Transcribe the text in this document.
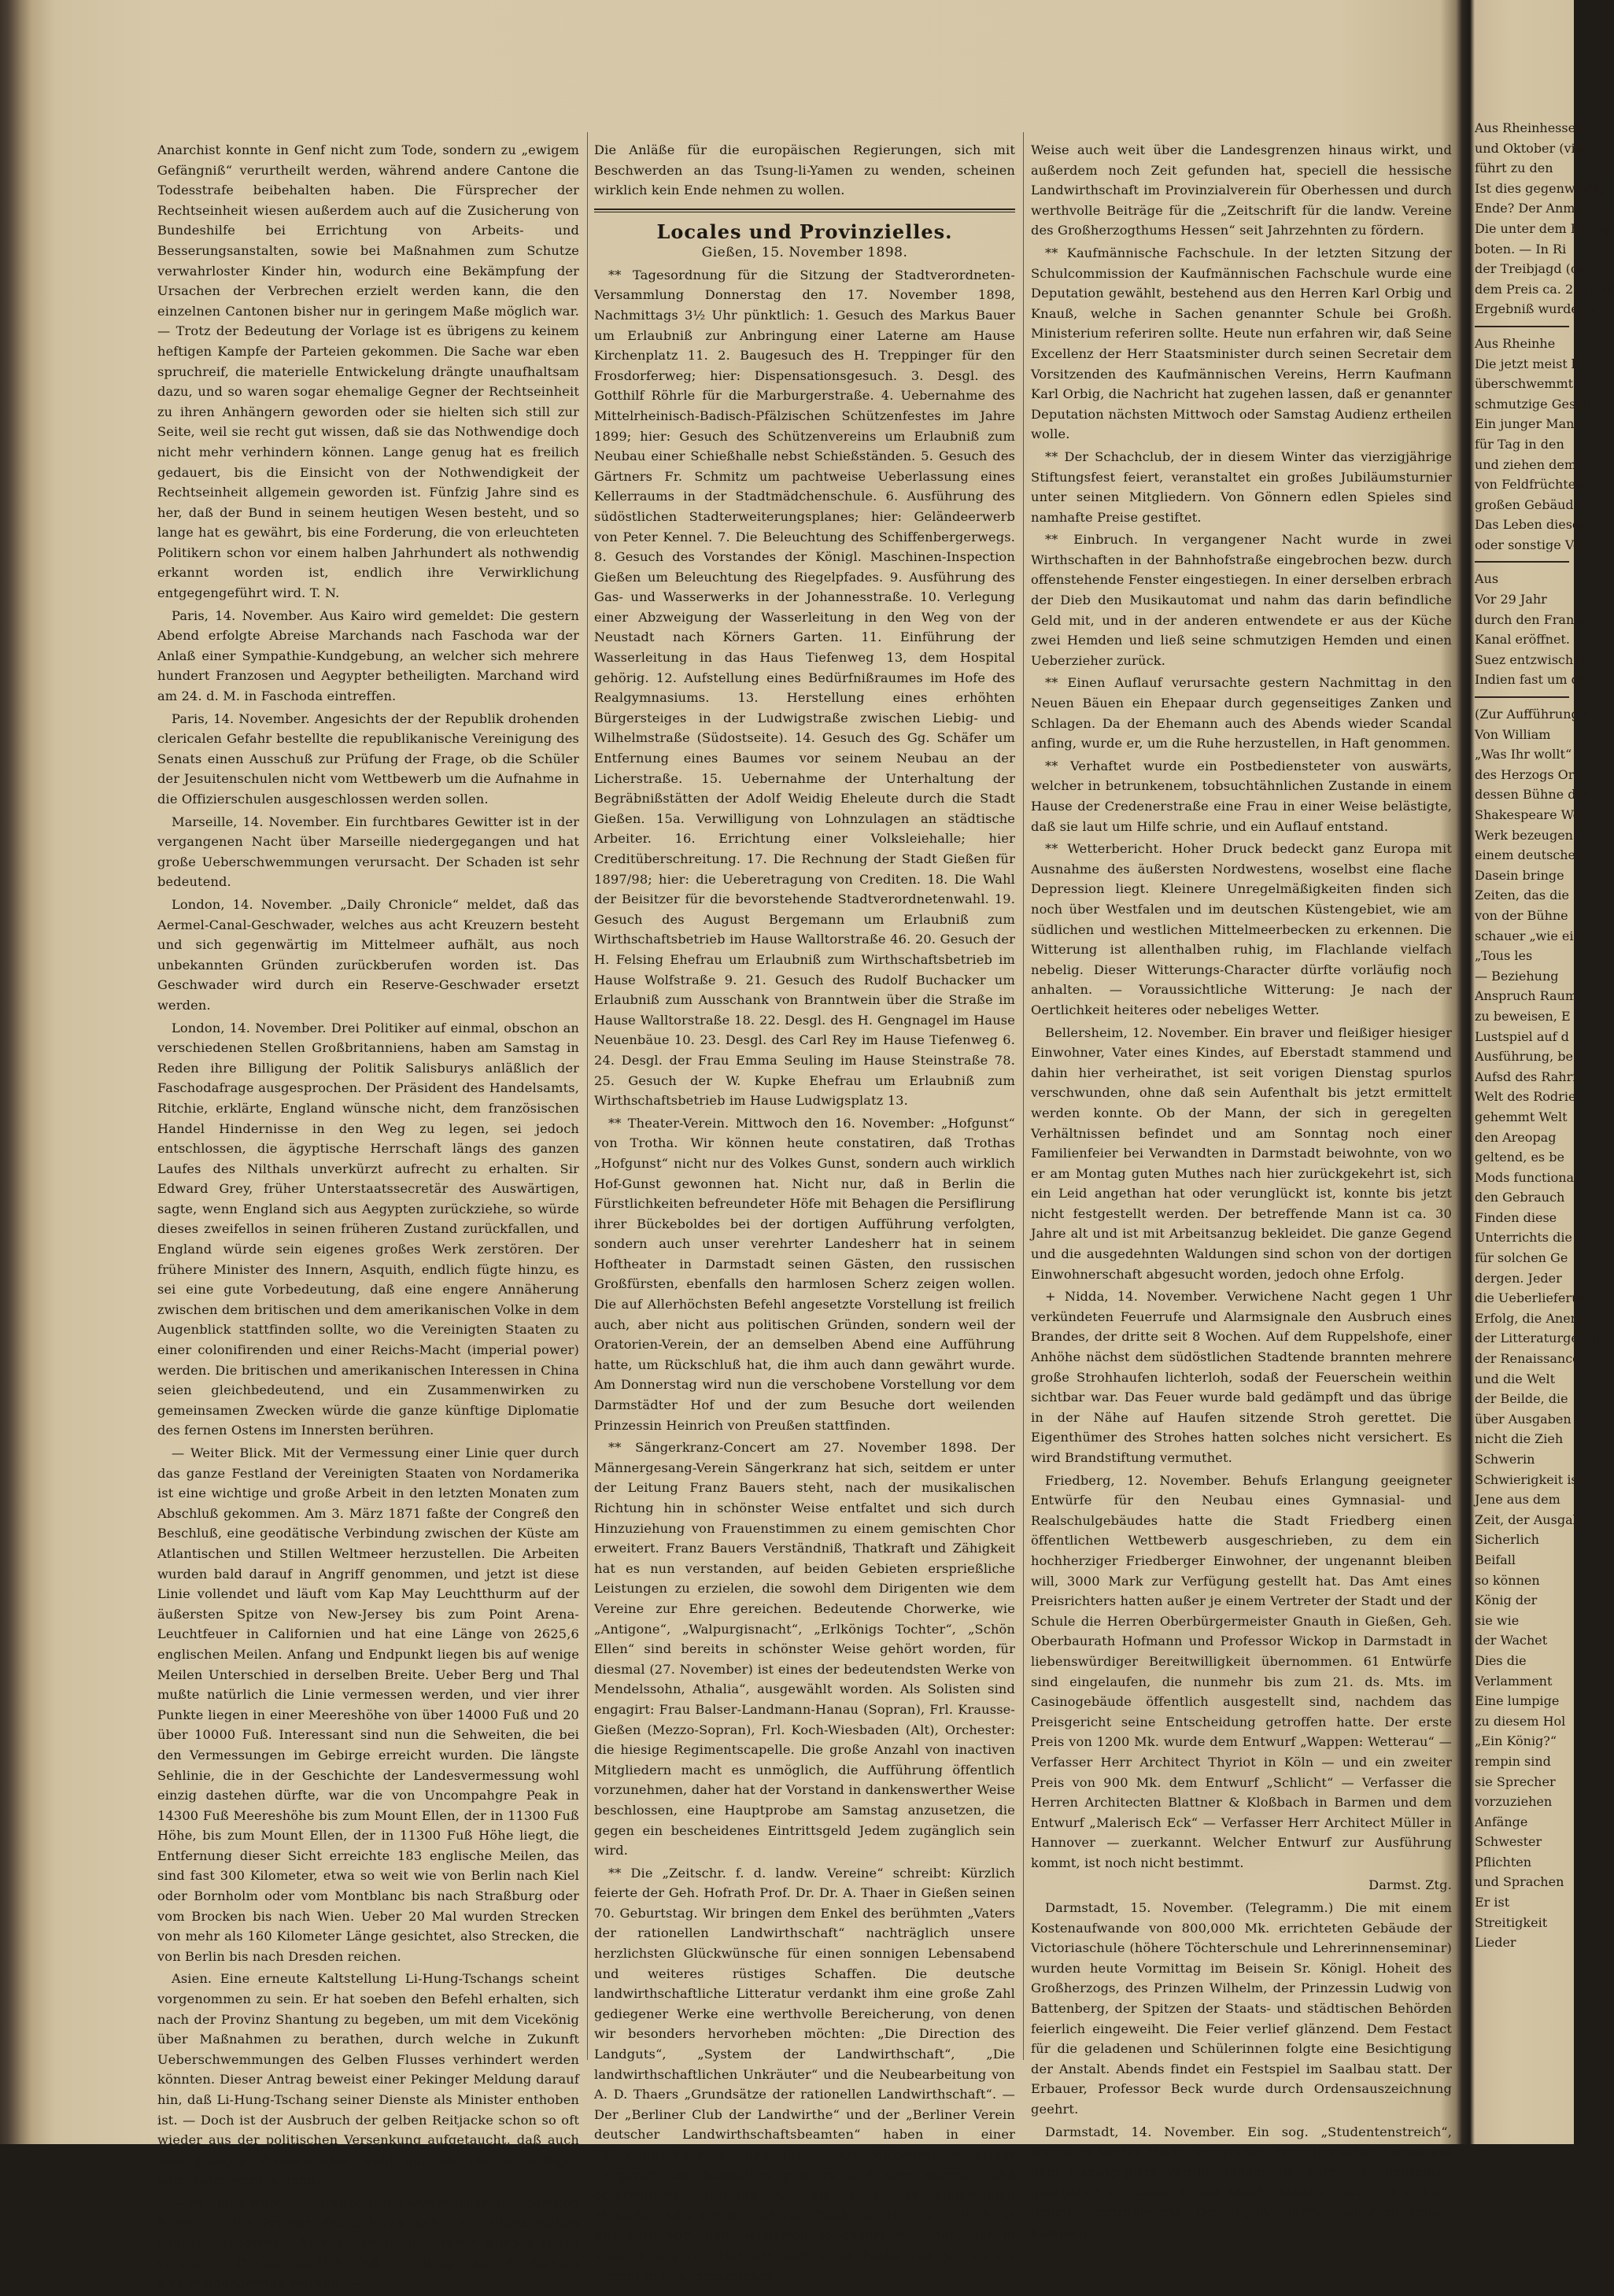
Anarchist konnte in Genf nicht zum Tode, sondern zu „ewigem Gefängniß“ verurtheilt werden, während andere Cantone die Todesstrafe beibehalten haben. Die Fürsprecher der Rechtseinheit wiesen außerdem auch auf die Zusicherung von Bundeshilfe bei Errichtung von Arbeits- und Besserungsanstalten, sowie bei Maßnahmen zum Schutze verwahrloster Kinder hin, wodurch eine Bekämpfung der Ursachen der Verbrechen erzielt werden kann, die den einzelnen Cantonen bisher nur in geringem Maße möglich war. — Trotz der Bedeutung der Vorlage ist es übrigens zu keinem heftigen Kampfe der Parteien gekommen. Die Sache war eben spruchreif, die materielle Entwickelung drängte unaufhaltsam dazu, und so waren sogar ehemalige Gegner der Rechtseinheit zu ihren Anhängern geworden oder sie hielten sich still zur Seite, weil sie recht gut wissen, daß sie das Nothwendige doch nicht mehr verhindern können. Lange genug hat es freilich gedauert, bis die Einsicht von der Nothwendigkeit der Rechtseinheit allgemein geworden ist. Fünfzig Jahre sind es her, daß der Bund in seinem heutigen Wesen besteht, und so lange hat es gewährt, bis eine Forderung, die von erleuchteten Politikern schon vor einem halben Jahrhundert als nothwendig erkannt worden ist, endlich ihre Verwirklichung entgegengeführt wird. T. N.

Paris, 14. November. Aus Kairo wird gemeldet: Die gestern Abend erfolgte Abreise Marchands nach Faschoda war der Anlaß einer Sympathie-Kundgebung, an welcher sich mehrere hundert Franzosen und Aegypter betheiligten. Marchand wird am 24. d. M. in Faschoda eintreffen.

Paris, 14. November. Angesichts der der Republik drohenden clericalen Gefahr bestellte die republikanische Vereinigung des Senats einen Ausschuß zur Prüfung der Frage, ob die Schüler der Jesuitenschulen nicht vom Wettbewerb um die Aufnahme in die Offizierschulen ausgeschlossen werden sollen.

Marseille, 14. November. Ein furchtbares Gewitter ist in der vergangenen Nacht über Marseille niedergegangen und hat große Ueberschwemmungen verursacht. Der Schaden ist sehr bedeutend.

London, 14. November. „Daily Chronicle“ meldet, daß das Aermel-Canal-Geschwader, welches aus acht Kreuzern besteht und sich gegenwärtig im Mittelmeer aufhält, aus noch unbekannten Gründen zurückberufen worden ist. Das Geschwader wird durch ein Reserve-Geschwader ersetzt werden.

London, 14. November. Drei Politiker auf einmal, obschon an verschiedenen Stellen Großbritanniens, haben am Samstag in Reden ihre Billigung der Politik Salisburys anläßlich der Faschodafrage ausgesprochen. Der Präsident des Handelsamts, Ritchie, erklärte, England wünsche nicht, dem französischen Handel Hindernisse in den Weg zu legen, sei jedoch entschlossen, die ägyptische Herrschaft längs des ganzen Laufes des Nilthals unverkürzt aufrecht zu erhalten. Sir Edward Grey, früher Unterstaatssecretär des Auswärtigen, sagte, wenn England sich aus Aegypten zurückziehe, so würde dieses zweifellos in seinen früheren Zustand zurückfallen, und England würde sein eigenes großes Werk zerstören. Der frühere Minister des Innern, Asquith, endlich fügte hinzu, es sei eine gute Vorbedeutung, daß eine engere Annäherung zwischen dem britischen und dem amerikanischen Volke in dem Augenblick stattfinden sollte, wo die Vereinigten Staaten zu einer colonifirenden und einer Reichs-Macht (imperial power) werden. Die britischen und amerikanischen Interessen in China seien gleichbedeutend, und ein Zusammenwirken zu gemeinsamen Zwecken würde die ganze künftige Diplomatie des fernen Ostens im Innersten berühren.

— Weiter Blick. Mit der Vermessung einer Linie quer durch das ganze Festland der Vereinigten Staaten von Nordamerika ist eine wichtige und große Arbeit in den letzten Monaten zum Abschluß gekommen. Am 3. März 1871 faßte der Congreß den Beschluß, eine geodätische Verbindung zwischen der Küste am Atlantischen und Stillen Weltmeer herzustellen. Die Arbeiten wurden bald darauf in Angriff genommen, und jetzt ist diese Linie vollendet und läuft vom Kap May Leuchtthurm auf der äußersten Spitze von New-Jersey bis zum Point Arena-Leuchtfeuer in Californien und hat eine Länge von 2625,6 englischen Meilen. Anfang und Endpunkt liegen bis auf wenige Meilen Unterschied in derselben Breite. Ueber Berg und Thal mußte natürlich die Linie vermessen werden, und vier ihrer Punkte liegen in einer Meereshöhe von über 14000 Fuß und 20 über 10000 Fuß. Interessant sind nun die Sehweiten, die bei den Vermessungen im Gebirge erreicht wurden. Die längste Sehlinie, die in der Geschichte der Landesvermessung wohl einzig dastehen dürfte, war die von Uncompahgre Peak in 14300 Fuß Meereshöhe bis zum Mount Ellen, der in 11300 Fuß Höhe, bis zum Mount Ellen, der in 11300 Fuß Höhe liegt, die Entfernung dieser Sicht erreichte 183 englische Meilen, das sind fast 300 Kilometer, etwa so weit wie von Berlin nach Kiel oder Bornholm oder vom Montblanc bis nach Straßburg oder vom Brocken bis nach Wien. Ueber 20 Mal wurden Strecken von mehr als 160 Kilometer Länge gesichtet, also Strecken, die von Berlin bis nach Dresden reichen.

Asien. Eine erneute Kaltstellung Li-Hung-Tschangs scheint vorgenommen zu sein. Er hat soeben den Befehl erhalten, sich nach der Provinz Shantung zu begeben, um mit dem Vicekönig über Maßnahmen zu berathen, durch welche in Zukunft Ueberschwemmungen des Gelben Flusses verhindert werden könnten. Dieser Antrag beweist einer Pekinger Meldung darauf hin, daß Li-Hung-Tschang seiner Dienste als Minister enthoben ist. — Doch ist der Ausbruch der gelben Reitjacke schon so oft wieder aus der politischen Versenkung aufgetaucht, daß auch sein jetziges Verschwinden wohl nur als ein zeitweiliges betrachtet werden kann.

— In China wurde die französische wissenschaftliche Mission Bonin in der Provinz Sze-tschwan nahe der tibetanischen Grenze angegriffen. Vier annamitische Träger wurden leicht verwundet. Die an dem Ueberfall schuldtragenden Mandarinen sind festgenommen worden. —

Die Anläße für die europäischen Regierungen, sich mit Beschwerden an das Tsung-li-Yamen zu wenden, scheinen wirklich kein Ende nehmen zu wollen.

Locales und Provinzielles.
Gießen, 15. November 1898.

** Tagesordnung für die Sitzung der Stadtverordneten-Versammlung Donnerstag den 17. November 1898, Nachmittags 3½ Uhr pünktlich: 1. Gesuch des Markus Bauer um Erlaubniß zur Anbringung einer Laterne am Hause Kirchenplatz 11. 2. Baugesuch des H. Treppinger für den Frosdorferweg; hier: Dispensationsgesuch. 3. Desgl. des Gotthilf Röhrle für die Marburgerstraße. 4. Uebernahme des Mittelrheinisch-Badisch-Pfälzischen Schützenfestes im Jahre 1899; hier: Gesuch des Schützenvereins um Erlaubniß zum Neubau einer Schießhalle nebst Schießständen. 5. Gesuch des Gärtners Fr. Schmitz um pachtweise Ueberlassung eines Kellerraums in der Stadtmädchenschule. 6. Ausführung des südöstlichen Stadterweiterungsplanes; hier: Geländeerwerb von Peter Kennel. 7. Die Beleuchtung des Schiffenbergerwegs. 8. Gesuch des Vorstandes der Königl. Maschinen-Inspection Gießen um Beleuchtung des Riegelpfades. 9. Ausführung des Gas- und Wasserwerks in der Johannesstraße. 10. Verlegung einer Abzweigung der Wasserleitung in den Weg von der Neustadt nach Körners Garten. 11. Einführung der Wasserleitung in das Haus Tiefenweg 13, dem Hospital gehörig. 12. Aufstellung eines Bedürfnißraumes im Hofe des Realgymnasiums. 13. Herstellung eines erhöhten Bürgersteiges in der Ludwigstraße zwischen Liebig- und Wilhelmstraße (Südostseite). 14. Gesuch des Gg. Schäfer um Entfernung eines Baumes vor seinem Neubau an der Licherstraße. 15. Uebernahme der Unterhaltung der Begräbnißstätten der Adolf Weidig Eheleute durch die Stadt Gießen. 15a. Verwilligung von Lohnzulagen an städtische Arbeiter. 16. Errichtung einer Volksleiehalle; hier Creditüberschreitung. 17. Die Rechnung der Stadt Gießen für 1897/98; hier: die Ueberetragung von Crediten. 18. Die Wahl der Beisitzer für die bevorstehende Stadtverordnetenwahl. 19. Gesuch des August Bergemann um Erlaubniß zum Wirthschaftsbetrieb im Hause Walltorstraße 46. 20. Gesuch der H. Felsing Ehefrau um Erlaubniß zum Wirthschaftsbetrieb im Hause Wolfstraße 9. 21. Gesuch des Rudolf Buchacker um Erlaubniß zum Ausschank von Branntwein über die Straße im Hause Walltorstraße 18. 22. Desgl. des H. Gengnagel im Hause Neuenbäue 10. 23. Desgl. des Carl Rey im Hause Tiefenweg 6. 24. Desgl. der Frau Emma Seuling im Hause Steinstraße 78. 25. Gesuch der W. Kupke Ehefrau um Erlaubniß zum Wirthschaftsbetrieb im Hause Ludwigsplatz 13.

** Theater-Verein. Mittwoch den 16. November: „Hofgunst“ von Trotha. Wir können heute constatiren, daß Trothas „Hofgunst“ nicht nur des Volkes Gunst, sondern auch wirklich Hof-Gunst gewonnen hat. Nicht nur, daß in Berlin die Fürstlichkeiten befreundeter Höfe mit Behagen die Persiflirung ihrer Bückeboldes bei der dortigen Aufführung verfolgten, sondern auch unser verehrter Landesherr hat in seinem Hoftheater in Darmstadt seinen Gästen, den russischen Großfürsten, ebenfalls den harmlosen Scherz zeigen wollen. Die auf Allerhöchsten Befehl angesetzte Vorstellung ist freilich auch, aber nicht aus politischen Gründen, sondern weil der Oratorien-Verein, der an demselben Abend eine Aufführung hatte, um Rückschluß hat, die ihm auch dann gewährt wurde. Am Donnerstag wird nun die verschobene Vorstellung vor dem Darmstädter Hof und der zum Besuche dort weilenden Prinzessin Heinrich von Preußen stattfinden.

** Sängerkranz-Concert am 27. November 1898. Der Männergesang-Verein Sängerkranz hat sich, seitdem er unter der Leitung Franz Bauers steht, nach der musikalischen Richtung hin in schönster Weise entfaltet und sich durch Hinzuziehung von Frauenstimmen zu einem gemischten Chor erweitert. Franz Bauers Verständniß, Thatkraft und Zähigkeit hat es nun verstanden, auf beiden Gebieten ersprießliche Leistungen zu erzielen, die sowohl dem Dirigenten wie dem Vereine zur Ehre gereichen. Bedeutende Chorwerke, wie „Antigone“, „Walpurgisnacht“, „Erlkönigs Tochter“, „Schön Ellen“ sind bereits in schönster Weise gehört worden, für diesmal (27. November) ist eines der bedeutendsten Werke von Mendelssohn, Athalia“, ausgewählt worden. Als Solisten sind engagirt: Frau Balser-Landmann-Hanau (Sopran), Frl. Krausse-Gießen (Mezzo-Sopran), Frl. Koch-Wiesbaden (Alt), Orchester: die hiesige Regimentscapelle. Die große Anzahl von inactiven Mitgliedern macht es unmöglich, die Aufführung öffentlich vorzunehmen, daher hat der Vorstand in dankenswerther Weise beschlossen, eine Hauptprobe am Samstag anzusetzen, die gegen ein bescheidenes Eintrittsgeld Jedem zugänglich sein wird.

** Die „Zeitschr. f. d. landw. Vereine“ schreibt: Kürzlich feierte der Geh. Hofrath Prof. Dr. Dr. A. Thaer in Gießen seinen 70. Geburtstag. Wir bringen dem Enkel des berühmten „Vaters der rationellen Landwirthschaft“ nachträglich unsere herzlichsten Glückwünsche für einen sonnigen Lebensabend und weiteres rüstiges Schaffen. Die deutsche landwirthschaftliche Litteratur verdankt ihm eine große Zahl gediegener Werke eine werthvolle Bereicherung, von denen wir besonders hervorheben möchten: „Die Direction des Landguts“, „System der Landwirthschaft“, „Die landwirthschaftlichen Unkräuter“ und die Neubearbeitung von A. D. Thaers „Grundsätze der rationellen Landwirthschaft“. — Der „Berliner Club der Landwirthe“ und der „Berliner Verein deutscher Landwirthschaftsbeamten“ haben in einer Glückwunschadresse den Jubilar als Mitbegründer dieser Corporationen besonders gefeiert und sein warmes und opferwilliges Eintreten für die Ziele der allgemeinen Menschenliebe mit besonderem Danke anerkannt. — Es freut uns aufrichtig, den Gefeierten so geehrt zu sehen, der in unserer engeren Heimath seit einer Reihe von Jahren als Dozent in so segensreicher

Weise auch weit über die Landesgrenzen hinaus wirkt, und außerdem noch Zeit gefunden hat, speciell die hessische Landwirthschaft im Provinzialverein für Oberhessen und durch werthvolle Beiträge für die „Zeitschrift für die landw. Vereine des Großherzogthums Hessen“ seit Jahrzehnten zu fördern.

** Kaufmännische Fachschule. In der letzten Sitzung der Schulcommission der Kaufmännischen Fachschule wurde eine Deputation gewählt, bestehend aus den Herren Karl Orbig und Knauß, welche in Sachen genannter Schule bei Großh. Ministerium referiren sollte. Heute nun erfahren wir, daß Seine Excellenz der Herr Staatsminister durch seinen Secretair dem Vorsitzenden des Kaufmännischen Vereins, Herrn Kaufmann Karl Orbig, die Nachricht hat zugehen lassen, daß er genannter Deputation nächsten Mittwoch oder Samstag Audienz ertheilen wolle.

** Der Schachclub, der in diesem Winter das vierzigjährige Stiftungsfest feiert, veranstaltet ein großes Jubiläumsturnier unter seinen Mitgliedern. Von Gönnern edlen Spieles sind namhafte Preise gestiftet.

** Einbruch. In vergangener Nacht wurde in zwei Wirthschaften in der Bahnhofstraße eingebrochen bezw. durch offenstehende Fenster eingestiegen. In einer derselben erbrach der Dieb den Musikautomat und nahm das darin befindliche Geld mit, und in der anderen entwendete er aus der Küche zwei Hemden und ließ seine schmutzigen Hemden und einen Ueberzieher zurück.

** Einen Auflauf verursachte gestern Nachmittag in den Neuen Bäuen ein Ehepaar durch gegenseitiges Zanken und Schlagen. Da der Ehemann auch des Abends wieder Scandal anfing, wurde er, um die Ruhe herzustellen, in Haft genommen.

** Verhaftet wurde ein Postbediensteter von auswärts, welcher in betrunkenem, tobsuchtähnlichen Zustande in einem Hause der Credenerstraße eine Frau in einer Weise belästigte, daß sie laut um Hilfe schrie, und ein Auflauf entstand.

** Wetterbericht. Hoher Druck bedeckt ganz Europa mit Ausnahme des äußersten Nordwestens, woselbst eine flache Depression liegt. Kleinere Unregelmäßigkeiten finden sich noch über Westfalen und im deutschen Küstengebiet, wie am südlichen und westlichen Mittelmeerbecken zu erkennen. Die Witterung ist allenthalben ruhig, im Flachlande vielfach nebelig. Dieser Witterungs-Character dürfte vorläufig noch anhalten. — Voraussichtliche Witterung: Je nach der Oertlichkeit heiteres oder nebeliges Wetter.

Bellersheim, 12. November. Ein braver und fleißiger hiesiger Einwohner, Vater eines Kindes, auf Eberstadt stammend und dahin hier verheirathet, ist seit vorigen Dienstag spurlos verschwunden, ohne daß sein Aufenthalt bis jetzt ermittelt werden konnte. Ob der Mann, der sich in geregelten Verhältnissen befindet und am Sonntag noch einer Familienfeier bei Verwandten in Darmstadt beiwohnte, von wo er am Montag guten Muthes nach hier zurückgekehrt ist, sich ein Leid angethan hat oder verunglückt ist, konnte bis jetzt nicht festgestellt werden. Der betreffende Mann ist ca. 30 Jahre alt und ist mit Arbeitsanzug bekleidet. Die ganze Gegend und die ausgedehnten Waldungen sind schon von der dortigen Einwohnerschaft abgesucht worden, jedoch ohne Erfolg.

+ Nidda, 14. November. Verwichene Nacht gegen 1 Uhr verkündeten Feuerrufe und Alarmsignale den Ausbruch eines Brandes, der dritte seit 8 Wochen. Auf dem Ruppelshofe, einer Anhöhe nächst dem südöstlichen Stadtende brannten mehrere große Strohhaufen lichterloh, sodaß der Feuerschein weithin sichtbar war. Das Feuer wurde bald gedämpft und das übrige in der Nähe auf Haufen sitzende Stroh gerettet. Die Eigenthümer des Strohes hatten solches nicht versichert. Es wird Brandstiftung vermuthet.

Friedberg, 12. November. Behufs Erlangung geeigneter Entwürfe für den Neubau eines Gymnasial- und Realschulgebäudes hatte die Stadt Friedberg einen öffentlichen Wettbewerb ausgeschrieben, zu dem ein hochherziger Friedberger Einwohner, der ungenannt bleiben will, 3000 Mark zur Verfügung gestellt hat. Das Amt eines Preisrichters hatten außer je einem Vertreter der Stadt und der Schule die Herren Oberbürgermeister Gnauth in Gießen, Geh. Oberbaurath Hofmann und Professor Wickop in Darmstadt in liebenswürdiger Bereitwilligkeit übernommen. 61 Entwürfe sind eingelaufen, die nunmehr bis zum 21. ds. Mts. im Casinogebäude öffentlich ausgestellt sind, nachdem das Preisgericht seine Entscheidung getroffen hatte. Der erste Preis von 1200 Mk. wurde dem Entwurf „Wappen: Wetterau“ — Verfasser Herr Architect Thyriot in Köln — und ein zweiter Preis von 900 Mk. dem Entwurf „Schlicht“ — Verfasser die Herren Architecten Blattner & Kloßbach in Barmen und dem Entwurf „Malerisch Eck“ — Verfasser Herr Architect Müller in Hannover — zuerkannt. Welcher Entwurf zur Ausführung kommt, ist noch nicht bestimmt.

Darmst. Ztg.

Darmstadt, 15. November. (Telegramm.) Die mit einem Kostenaufwande von 800,000 Mk. errichteten Gebäude der Victoriaschule (höhere Töchterschule und Lehrerinnenseminar) wurden heute Vormittag im Beisein Sr. Königl. Hoheit des Großherzogs, des Prinzen Wilhelm, der Prinzessin Ludwig von Battenberg, der Spitzen der Staats- und städtischen Behörden feierlich eingeweiht. Die Feier verlief glänzend. Dem Festact für die geladenen und Schülerinnen folgte eine Besichtigung der Anstalt. Abends findet ein Festspiel im Saalbau statt. Der Erbauer, Professor Beck wurde durch Ordensauszeichnung geehrt.

Darmstadt, 14. November. Ein sog. „Studentenstreich“, wurde in letzter Nacht am großen Arnheiter'schen Laden auf dem Ludwigsplatz verübt, indem ein Karren in denselben geschoben und dieser in den Abschlußladen geschoben und die Scheibe zertrümmerte. Der „Spaß“ dürfte theuer zu stehen kommen.

Aus Rheinhessen
und Oktober (viel
führt zu den
Ist dies gegenwärtig
Ende? Der Anmeld
Die unter dem Bezug
boten. — In Ri
der Treibjagd (ca
dem Preis ca. 2000 M
Ergebniß wurde in
Aus Rheinhe
Die jetzt meist b
überschwemmt.
schmutzige Gesell
Ein junger Mann
für Tag in den
und ziehen dem
von Feldfrüchten
großen Gebäuder
Das Leben dieser
oder sonstige Vol
Aus
Vor 29 Jahr
durch den Franzos
Kanal eröffnet.
Suez entzwischen
Indien fast um die
(Zur Aufführung de
Von William
„Was Ihr wollt“
des Herzogs Orsi
dessen Bühne der
Shakespeare Wert
Werk bezeugen
einem deutschen
Dasein bringe
Zeiten, das die
von der Bühne
schauer „wie ein
„Tous les
— Beziehung
Anspruch Raum
zu beweisen, E
Lustspiel auf d
Ausführung, be
Aufsd des Rahrie
Welt des Rodrie
gehemmt Welt
den Areopag
geltend, es be
Mods functiona
den Gebrauch
Finden diese
Unterrichts die
für solchen Ge
dergen. Jeder
die Ueberlieferung
Erfolg, die Anerk
der Litteraturgesch
der Renaissance
und die Welt
der Beilde, die
über Ausgaben
nicht die Zieh
Schwerin
Schwierigkeit ist
Jene aus dem
Zeit, der Ausgab
Sicherlich
Beifall
so können
König der
sie wie
der Wachet
Dies die
Verlamment
Eine lumpige
zu diesem Hol
„Ein König?“
rempin sind
sie Sprecher
vorzuziehen
Anfänge
Schwester
Pflichten
und Sprachen
Er ist
Streitigkeit
Lieder
